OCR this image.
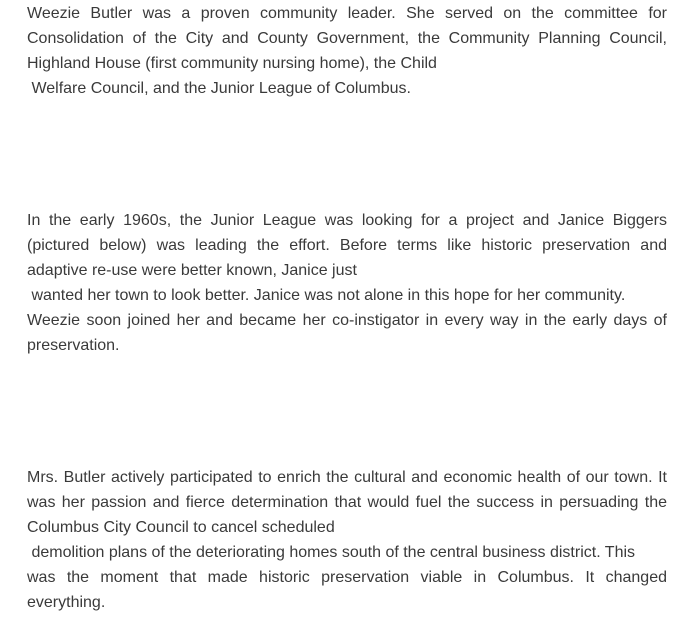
Weezie Butler was a proven community leader. She served on the committee for
Consolidation of the City and County Government, the Community Planning Council,
Highland House (first community nursing home), the Child
Welfare Council, and the Junior League of Columbus.
In the early 1960s, the Junior League was looking for a project and Janice Biggers
(pictured below) was leading the effort. Before terms like historic preservation and
adaptive re-use were better known, Janice just
wanted her town to look better. Janice was not alone in this hope for her community.
Weezie soon joined her and became her co-instigator in every way in the early days of
preservation.
Mrs. Butler actively participated to enrich the cultural and economic health of our town. It
was her passion and fierce determination that would fuel the success in persuading the
Columbus City Council to cancel scheduled
demolition plans of the deteriorating homes south of the central business district. This
was the moment that made historic preservation viable in Columbus. It changed
everything.
